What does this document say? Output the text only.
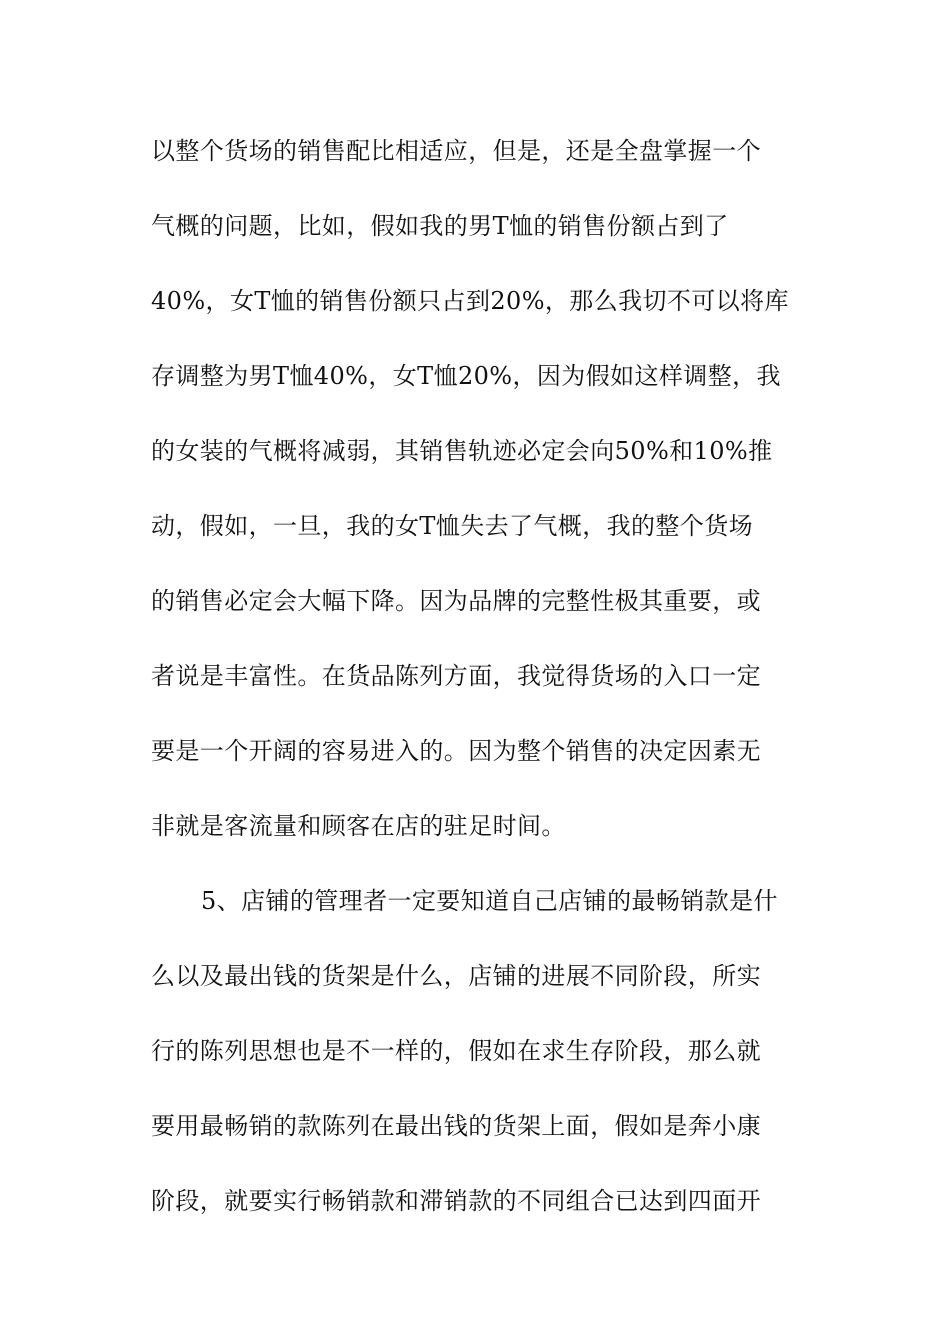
以整个货场的销售配比相适应，但是，还是全盘掌握一个
气概的问题，比如，假如我的男T恤的销售份额占到了
40%，女T恤的销售份额只占到20%，那么我切不可以将库
存调整为男T恤40%，女T恤20%，因为假如这样调整，我
的女装的气概将减弱，其销售轨迹必定会向50%和10%推
动，假如，一旦，我的女T恤失去了气概，我的整个货场
的销售必定会大幅下降。因为品牌的完整性极其重要，或
者说是丰富性。在货品陈列方面，我觉得货场的入口一定
要是一个开阔的容易进入的。因为整个销售的决定因素无
非就是客流量和顾客在店的驻足时间。
5、店铺的管理者一定要知道自己店铺的最畅销款是什
么以及最出钱的货架是什么，店铺的进展不同阶段，所实
行的陈列思想也是不一样的，假如在求生存阶段，那么就
要用最畅销的款陈列在最出钱的货架上面，假如是奔小康
阶段，就要实行畅销款和滞销款的不同组合已达到四面开
